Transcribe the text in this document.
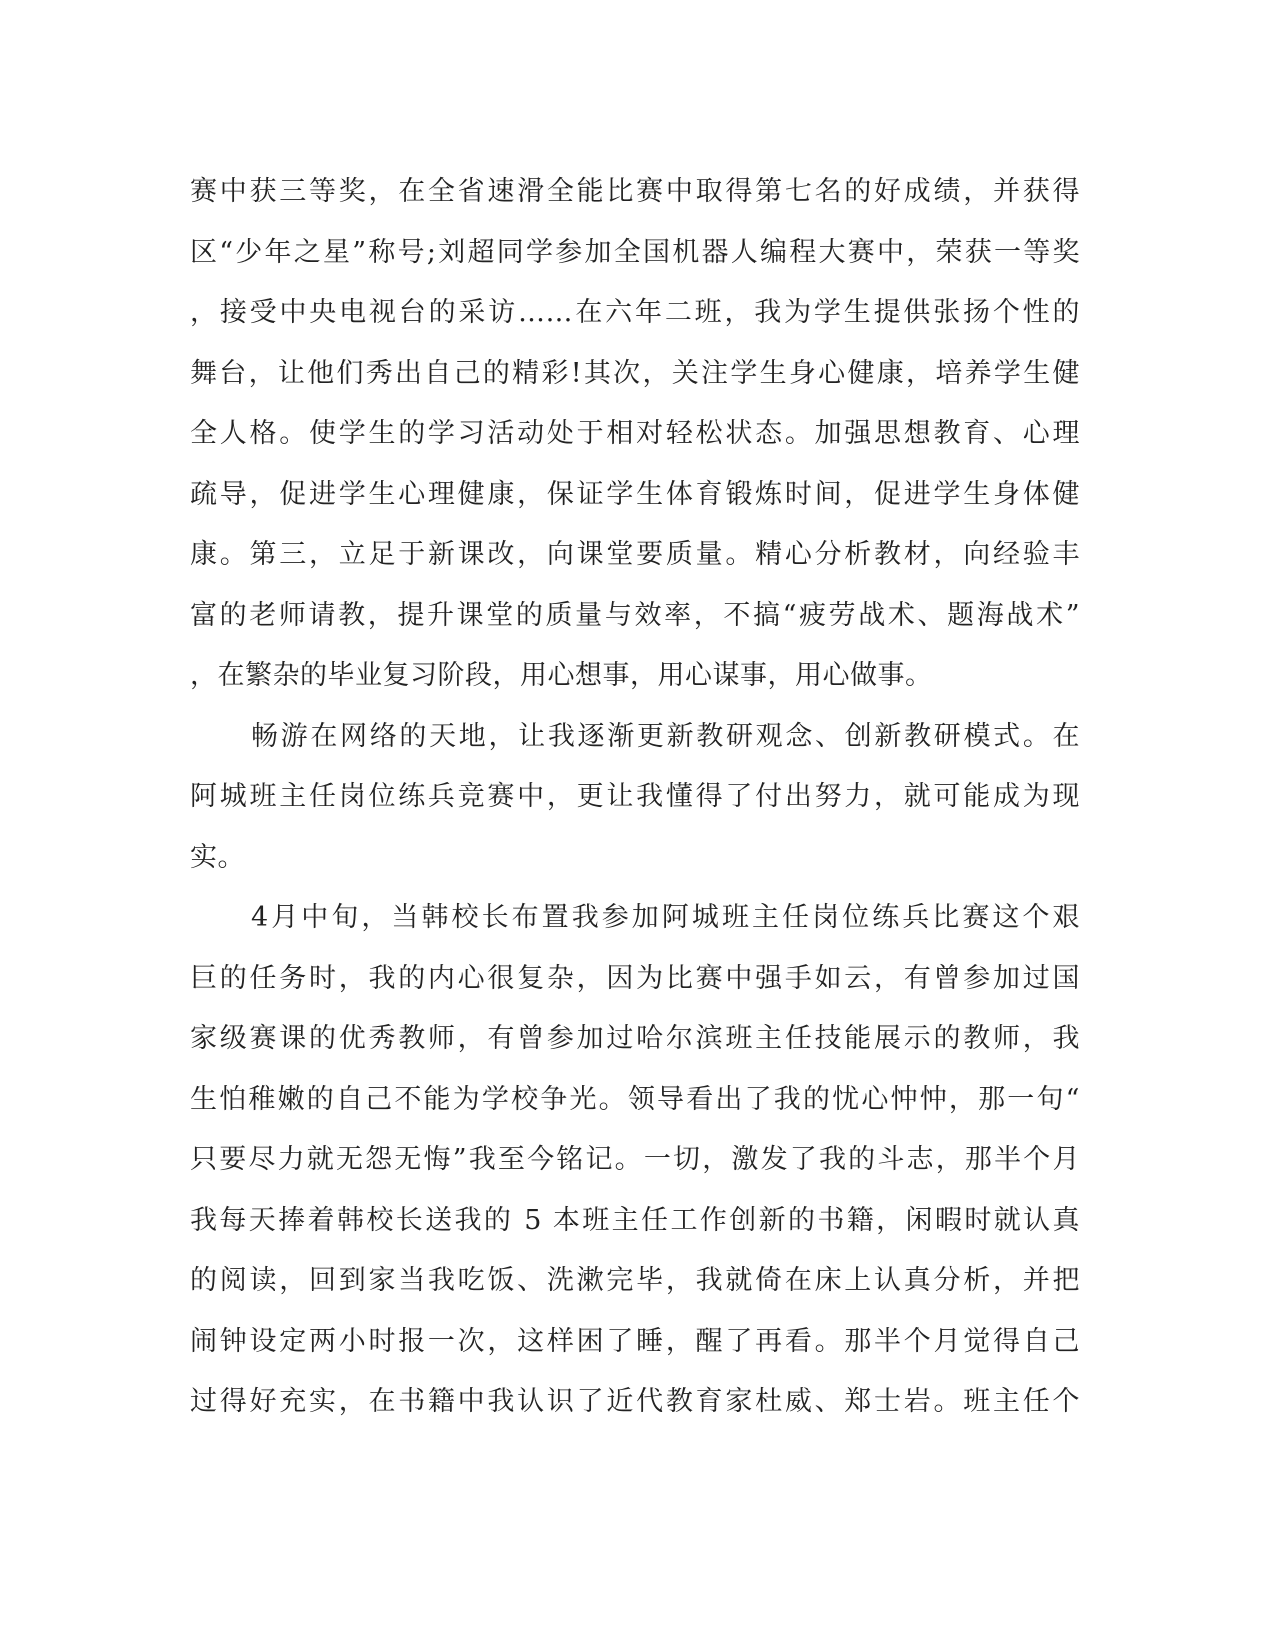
赛中获三等奖，在全省速滑全能比赛中取得第七名的好成绩，并获得
区“少年之星”称号;刘超同学参加全国机器人编程大赛中，荣获一等奖
，接受中央电视台的采访……在六年二班，我为学生提供张扬个性的
舞台，让他们秀出自己的精彩!其次，关注学生身心健康，培养学生健
全人格。使学生的学习活动处于相对轻松状态。加强思想教育、心理
疏导，促进学生心理健康，保证学生体育锻炼时间，促进学生身体健
康。第三，立足于新课改，向课堂要质量。精心分析教材，向经验丰
富的老师请教，提升课堂的质量与效率，不搞“疲劳战术、题海战术”
，在繁杂的毕业复习阶段，用心想事，用心谋事，用心做事。
畅游在网络的天地，让我逐渐更新教研观念、创新教研模式。在
阿城班主任岗位练兵竞赛中，更让我懂得了付出努力，就可能成为现
实。
4月中旬，当韩校长布置我参加阿城班主任岗位练兵比赛这个艰
巨的任务时，我的内心很复杂，因为比赛中强手如云，有曾参加过国
家级赛课的优秀教师，有曾参加过哈尔滨班主任技能展示的教师，我
生怕稚嫩的自己不能为学校争光。领导看出了我的忧心忡忡，那一句“
只要尽力就无怨无悔”我至今铭记。一切，激发了我的斗志，那半个月
我每天捧着韩校长送我的 5 本班主任工作创新的书籍，闲暇时就认真
的阅读，回到家当我吃饭、洗漱完毕，我就倚在床上认真分析，并把
闹钟设定两小时报一次，这样困了睡，醒了再看。那半个月觉得自己
过得好充实，在书籍中我认识了近代教育家杜威、郑士岩。班主任个
